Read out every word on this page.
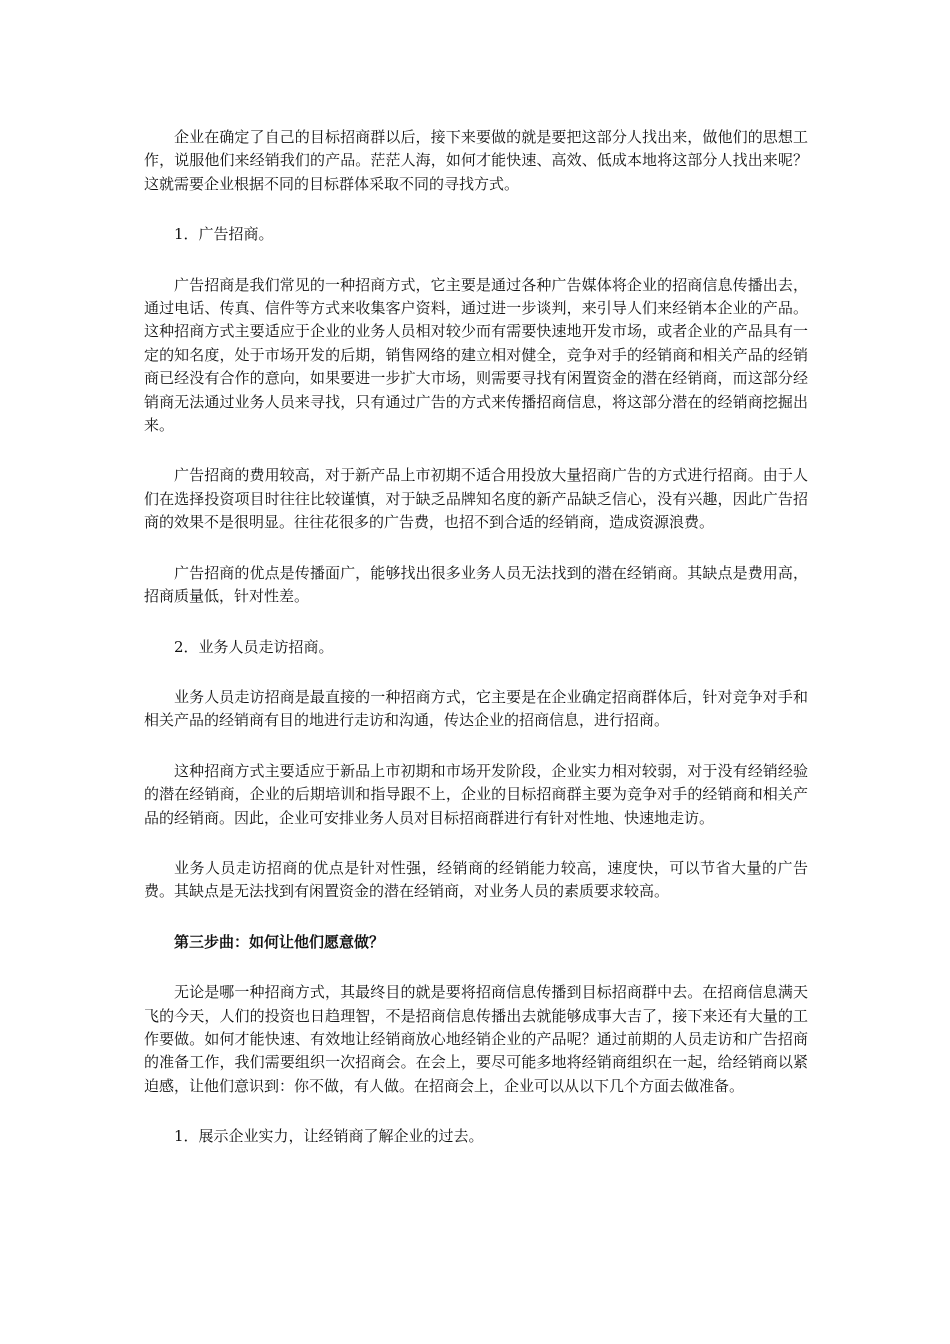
企业在确定了自己的目标招商群以后，接下来要做的就是要把这部分人找出来，做他们的思想工作，说服他们来经销我们的产品。茫茫人海，如何才能快速、高效、低成本地将这部分人找出来呢？这就需要企业根据不同的目标群体采取不同的寻找方式。

1．广告招商。

广告招商是我们常见的一种招商方式，它主要是通过各种广告媒体将企业的招商信息传播出去，通过电话、传真、信件等方式来收集客户资料，通过进一步谈判，来引导人们来经销本企业的产品。这种招商方式主要适应于企业的业务人员相对较少而有需要快速地开发市场，或者企业的产品具有一定的知名度，处于市场开发的后期，销售网络的建立相对健全，竞争对手的经销商和相关产品的经销商已经没有合作的意向，如果要进一步扩大市场，则需要寻找有闲置资金的潜在经销商，而这部分经销商无法通过业务人员来寻找，只有通过广告的方式来传播招商信息，将这部分潜在的经销商挖掘出来。

广告招商的费用较高，对于新产品上市初期不适合用投放大量招商广告的方式进行招商。由于人们在选择投资项目时往往比较谨慎，对于缺乏品牌知名度的新产品缺乏信心，没有兴趣，因此广告招商的效果不是很明显。往往花很多的广告费，也招不到合适的经销商，造成资源浪费。

广告招商的优点是传播面广，能够找出很多业务人员无法找到的潜在经销商。其缺点是费用高，招商质量低，针对性差。

2．业务人员走访招商。

业务人员走访招商是最直接的一种招商方式，它主要是在企业确定招商群体后，针对竞争对手和相关产品的经销商有目的地进行走访和沟通，传达企业的招商信息，进行招商。

这种招商方式主要适应于新品上市初期和市场开发阶段，企业实力相对较弱，对于没有经销经验的潜在经销商，企业的后期培训和指导跟不上，企业的目标招商群主要为竞争对手的经销商和相关产品的经销商。因此，企业可安排业务人员对目标招商群进行有针对性地、快速地走访。

业务人员走访招商的优点是针对性强，经销商的经销能力较高，速度快，可以节省大量的广告费。其缺点是无法找到有闲置资金的潜在经销商，对业务人员的素质要求较高。

第三步曲：如何让他们愿意做？

无论是哪一种招商方式，其最终目的就是要将招商信息传播到目标招商群中去。在招商信息满天飞的今天，人们的投资也日趋理智，不是招商信息传播出去就能够成事大吉了，接下来还有大量的工作要做。如何才能快速、有效地让经销商放心地经销企业的产品呢？通过前期的人员走访和广告招商的准备工作，我们需要组织一次招商会。在会上，要尽可能多地将经销商组织在一起，给经销商以紧迫感，让他们意识到：你不做，有人做。在招商会上，企业可以从以下几个方面去做准备。

1．展示企业实力，让经销商了解企业的过去。
